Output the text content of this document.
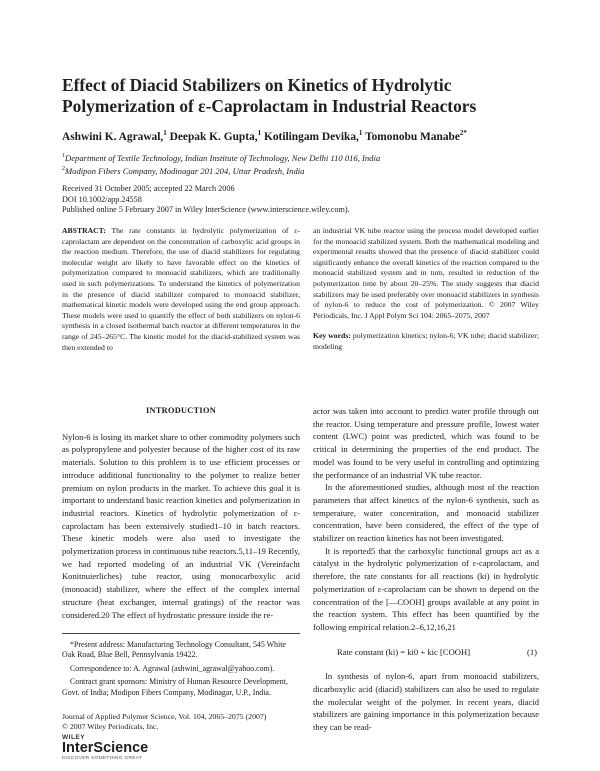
Effect of Diacid Stabilizers on Kinetics of Hydrolytic
Polymerization of ε-Caprolactam in Industrial Reactors
Ashwini K. Agrawal,$^1$ Deepak K. Gupta,$^1$ Kotilingam Devika,$^1$ Tomonobu Manabe$^{2*}$
$^1$Department of Textile Technology, Indian Institute of Technology, New Delhi 110 016, India
$^2$Modipon Fibers Company, Modinagar 201 204, Uttar Pradesh, India
Received 31 October 2005; accepted 22 March 2006
DOI 10.1002/app.24558
Published online 5 February 2007 in Wiley InterScience (www.interscience.wiley.com).
ABSTRACT: The rate constants in hydrolytic polymerization of ε-caprolactam are dependent on the concentration of carboxylic acid groups in the reaction medium. Therefore, the use of diacid stabilizers for regulating molecular weight are likely to have favorable effect on the kinetics of polymerization compared to monoacid stabilizers, which are traditionally used in such polymerizations. To understand the kinetics of polymerization in the presence of diacid stabilizer compared to monoacid stabilizer, mathematical kinetic models were developed using the end group approach. These models were used to quantify the effect of both stabilizers on nylon-6 synthesis in a closed isothermal batch reactor at different temperatures in the range of 245–265°C. The kinetic model for the diacid-stabilized system was then extended to
an industrial VK tube reactor using the process model developed earlier for the monoacid stabilized system. Both the mathematical modeling and experimental results showed that the presence of diacid stabilizer could significantly enhance the overall kinetics of the reaction compared to the monoacid stabilized system and in turn, resulted in reduction of the polymerization time by about 20–25%. The study suggests that diacid stabilizers may be used preferably over monoacid stabilizers in synthesis of nylon-6 to reduce the cost of polymerization. © 2007 Wiley Periodicals, Inc. J Appl Polym Sci 104: 2065–2075, 2007
Key words: polymerization kinetics; nylon-6; VK tube; diacid stabilizer; modeling
INTRODUCTION

Nylon-6 is losing its market share to other commodity polymers such as polypropylene and polyester because of the higher cost of its raw materials. Solution to this problem is to use efficient processes or introduce additional functionality to the polymer to realize better premium on nylon products in the market. To achieve this goal it is important to understand basic reaction kinetics and polymerization in industrial reactors. Kinetics of hydrolytic polymerization of ε-caprolactam has been extensively studied1–10 in batch reactors. These kinetic models were also used to investigate the polymerization process in continuous tube reactors.5,11–19 Recently, we had reported modeling of an industrial VK (Vereinfacht Konitnuierliches) tube reactor, using monocarboxylic acid (monoacid) stabilizer, where the effect of the complex internal structure (heat exchanger, internal gratings) of the reactor was considered.20 The effect of hydrostatic pressure inside the re-

actor was taken into account to predict water profile through out the reactor. Using temperature and pressure profile, lowest water content (LWC) point was predicted, which was found to be critical in determining the properties of the end product. The model was found to be very useful in controlling and optimizing the performance of an industrial VK tube reactor.

In the aforementioned studies, although most of the reaction parameters that affect kinetics of the nylon-6 synthesis, such as temperature, water concentration, and monoacid stabilizer concentration, have been considered, the effect of the type of stabilizer on reaction kinetics has not been investigated.

It is reported5 that the carboxylic functional groups act as a catalyst in the hydrolytic polymerization of ε-caprolactam, and therefore, the rate constants for all reactions (ki) in hydrolytic polymerization of ε-caprolactam can be shown to depend on the concentration of the [—COOH] groups available at any point in the reaction system. This effect has been quantified by the following empirical relation.2–6,12,16,21

Rate constant (ki) = ki0 + kic [COOH]	(1)

In synthesis of nylon-6, apart from monoacid stabilizers, dicarboxylic acid (diacid) stabilizers can also be used to regulate the molecular weight of the polymer. In recent years, diacid stabilizers are gaining importance in this polymerization because they can be read-

*Present address: Manufacturing Technology Consultant, 545 White Oak Road, Blue Bell, Pennsylvania 19422.

Correspondence to: A. Agrawal (ashwini_agrawal@yahoo.com).

Contract grant sponsors: Ministry of Human Resource Development, Govt. of India; Modipon Fibers Company, Modinagar, U.P., India.

Journal of Applied Polymer Science, Vol. 104, 2065–2075 (2007)
© 2007 Wiley Periodicals, Inc.
WILEY
InterScience
DISCOVER SOMETHING GREAT
